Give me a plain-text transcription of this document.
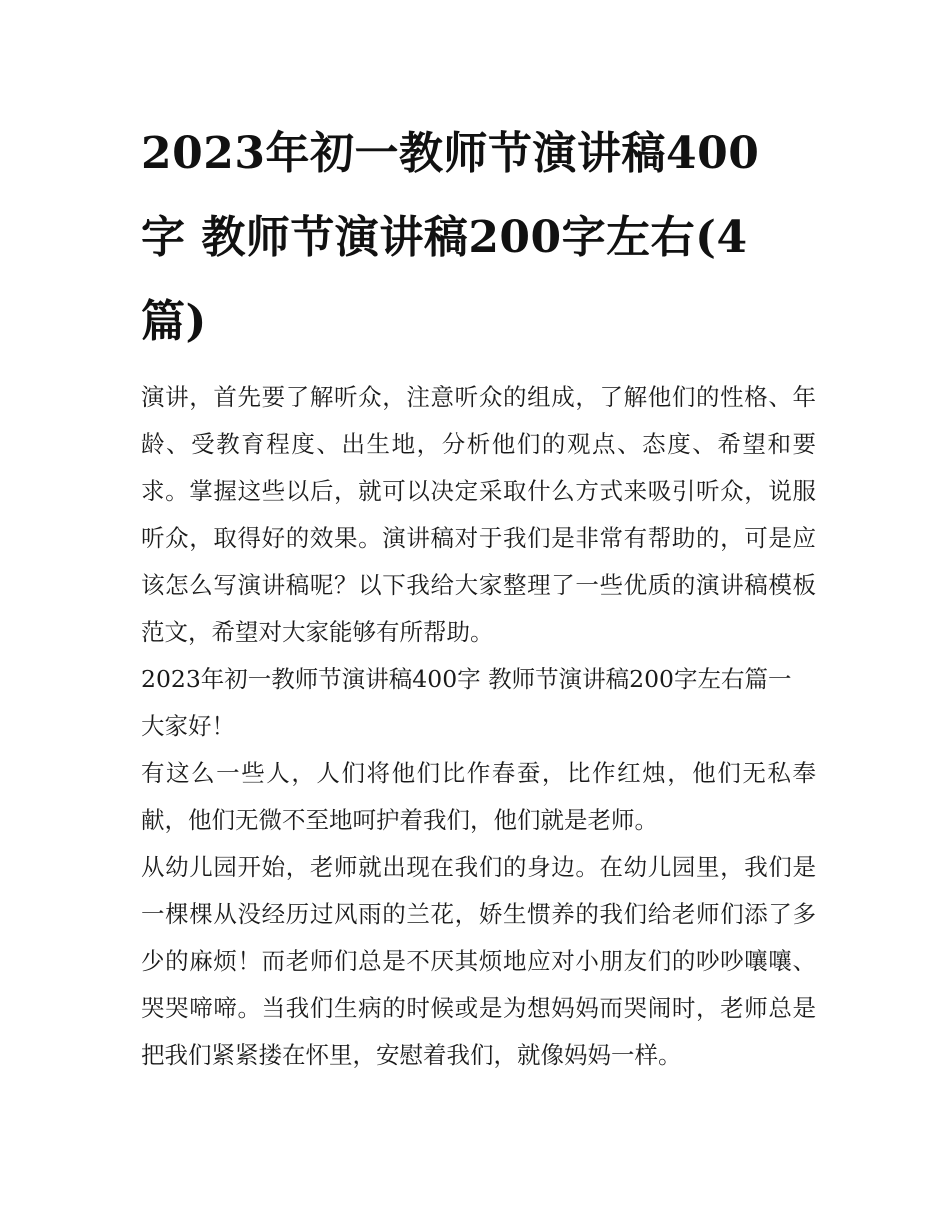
2023年初一教师节演讲稿400
字 教师节演讲稿200字左右(4
篇)

演讲，首先要了解听众，注意听众的组成，了解他们的性格、年龄、受教育程度、出生地，分析他们的观点、态度、希望和要求。掌握这些以后，就可以决定采取什么方式来吸引听众，说服听众，取得好的效果。演讲稿对于我们是非常有帮助的，可是应该怎么写演讲稿呢？以下我给大家整理了一些优质的演讲稿模板范文，希望对大家能够有所帮助。

2023年初一教师节演讲稿400字 教师节演讲稿200字左右篇一 大家好！

有这么一些人，人们将他们比作春蚕，比作红烛，他们无私奉献，他们无微不至地呵护着我们，他们就是老师。

从幼儿园开始，老师就出现在我们的身边。在幼儿园里，我们是一棵棵从没经历过风雨的兰花，娇生惯养的我们给老师们添了多少的麻烦！而老师们总是不厌其烦地应对小朋友们的吵吵嚷嚷、哭哭啼啼。当我们生病的时候或是为想妈妈而哭闹时，老师总是把我们紧紧搂在怀里，安慰着我们，就像妈妈一样。
